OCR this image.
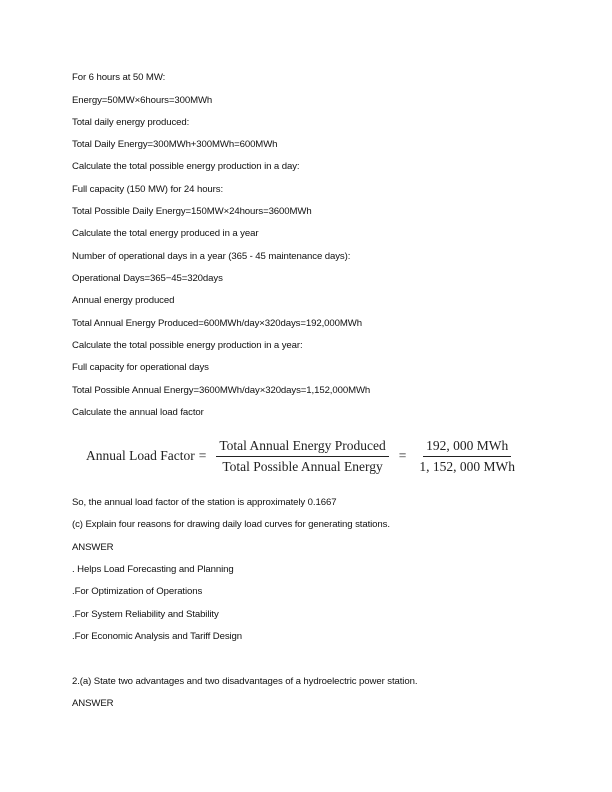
For 6 hours at 50 MW:
Energy=50MW×6hours=300MWh
Total daily energy produced:
Total Daily Energy=300MWh+300MWh=600MWh
Calculate the total possible energy production in a day:
Full capacity (150 MW) for 24 hours:
Total Possible Daily Energy=150MW×24hours=3600MWh
Calculate the total energy produced in a year
Number of operational days in a year (365 - 45 maintenance days):
Operational Days=365−45=320days
Annual energy produced
Total Annual Energy Produced=600MWh/day×320days=192,000MWh
Calculate the total possible energy production in a year:
Full capacity for operational days
Total Possible Annual Energy=3600MWh/day×320days=1,152,000MWh
Calculate the annual load factor
Annual Load Factor = $\frac{\text{Total Annual Energy Produced}}{\text{Total Possible Annual Energy}} = \frac{\text{192, 000 MWh}}{\text{1, 152, 000 MWh}}$
So, the annual load factor of the station is approximately 0.1667
(c) Explain four reasons for drawing daily load curves for generating stations.
ANSWER
. Helps Load Forecasting and Planning
.For Optimization of Operations
.For System Reliability and Stability
.For Economic Analysis and Tariff Design
2.(a) State two advantages and two disadvantages of a hydroelectric power station.
ANSWER
